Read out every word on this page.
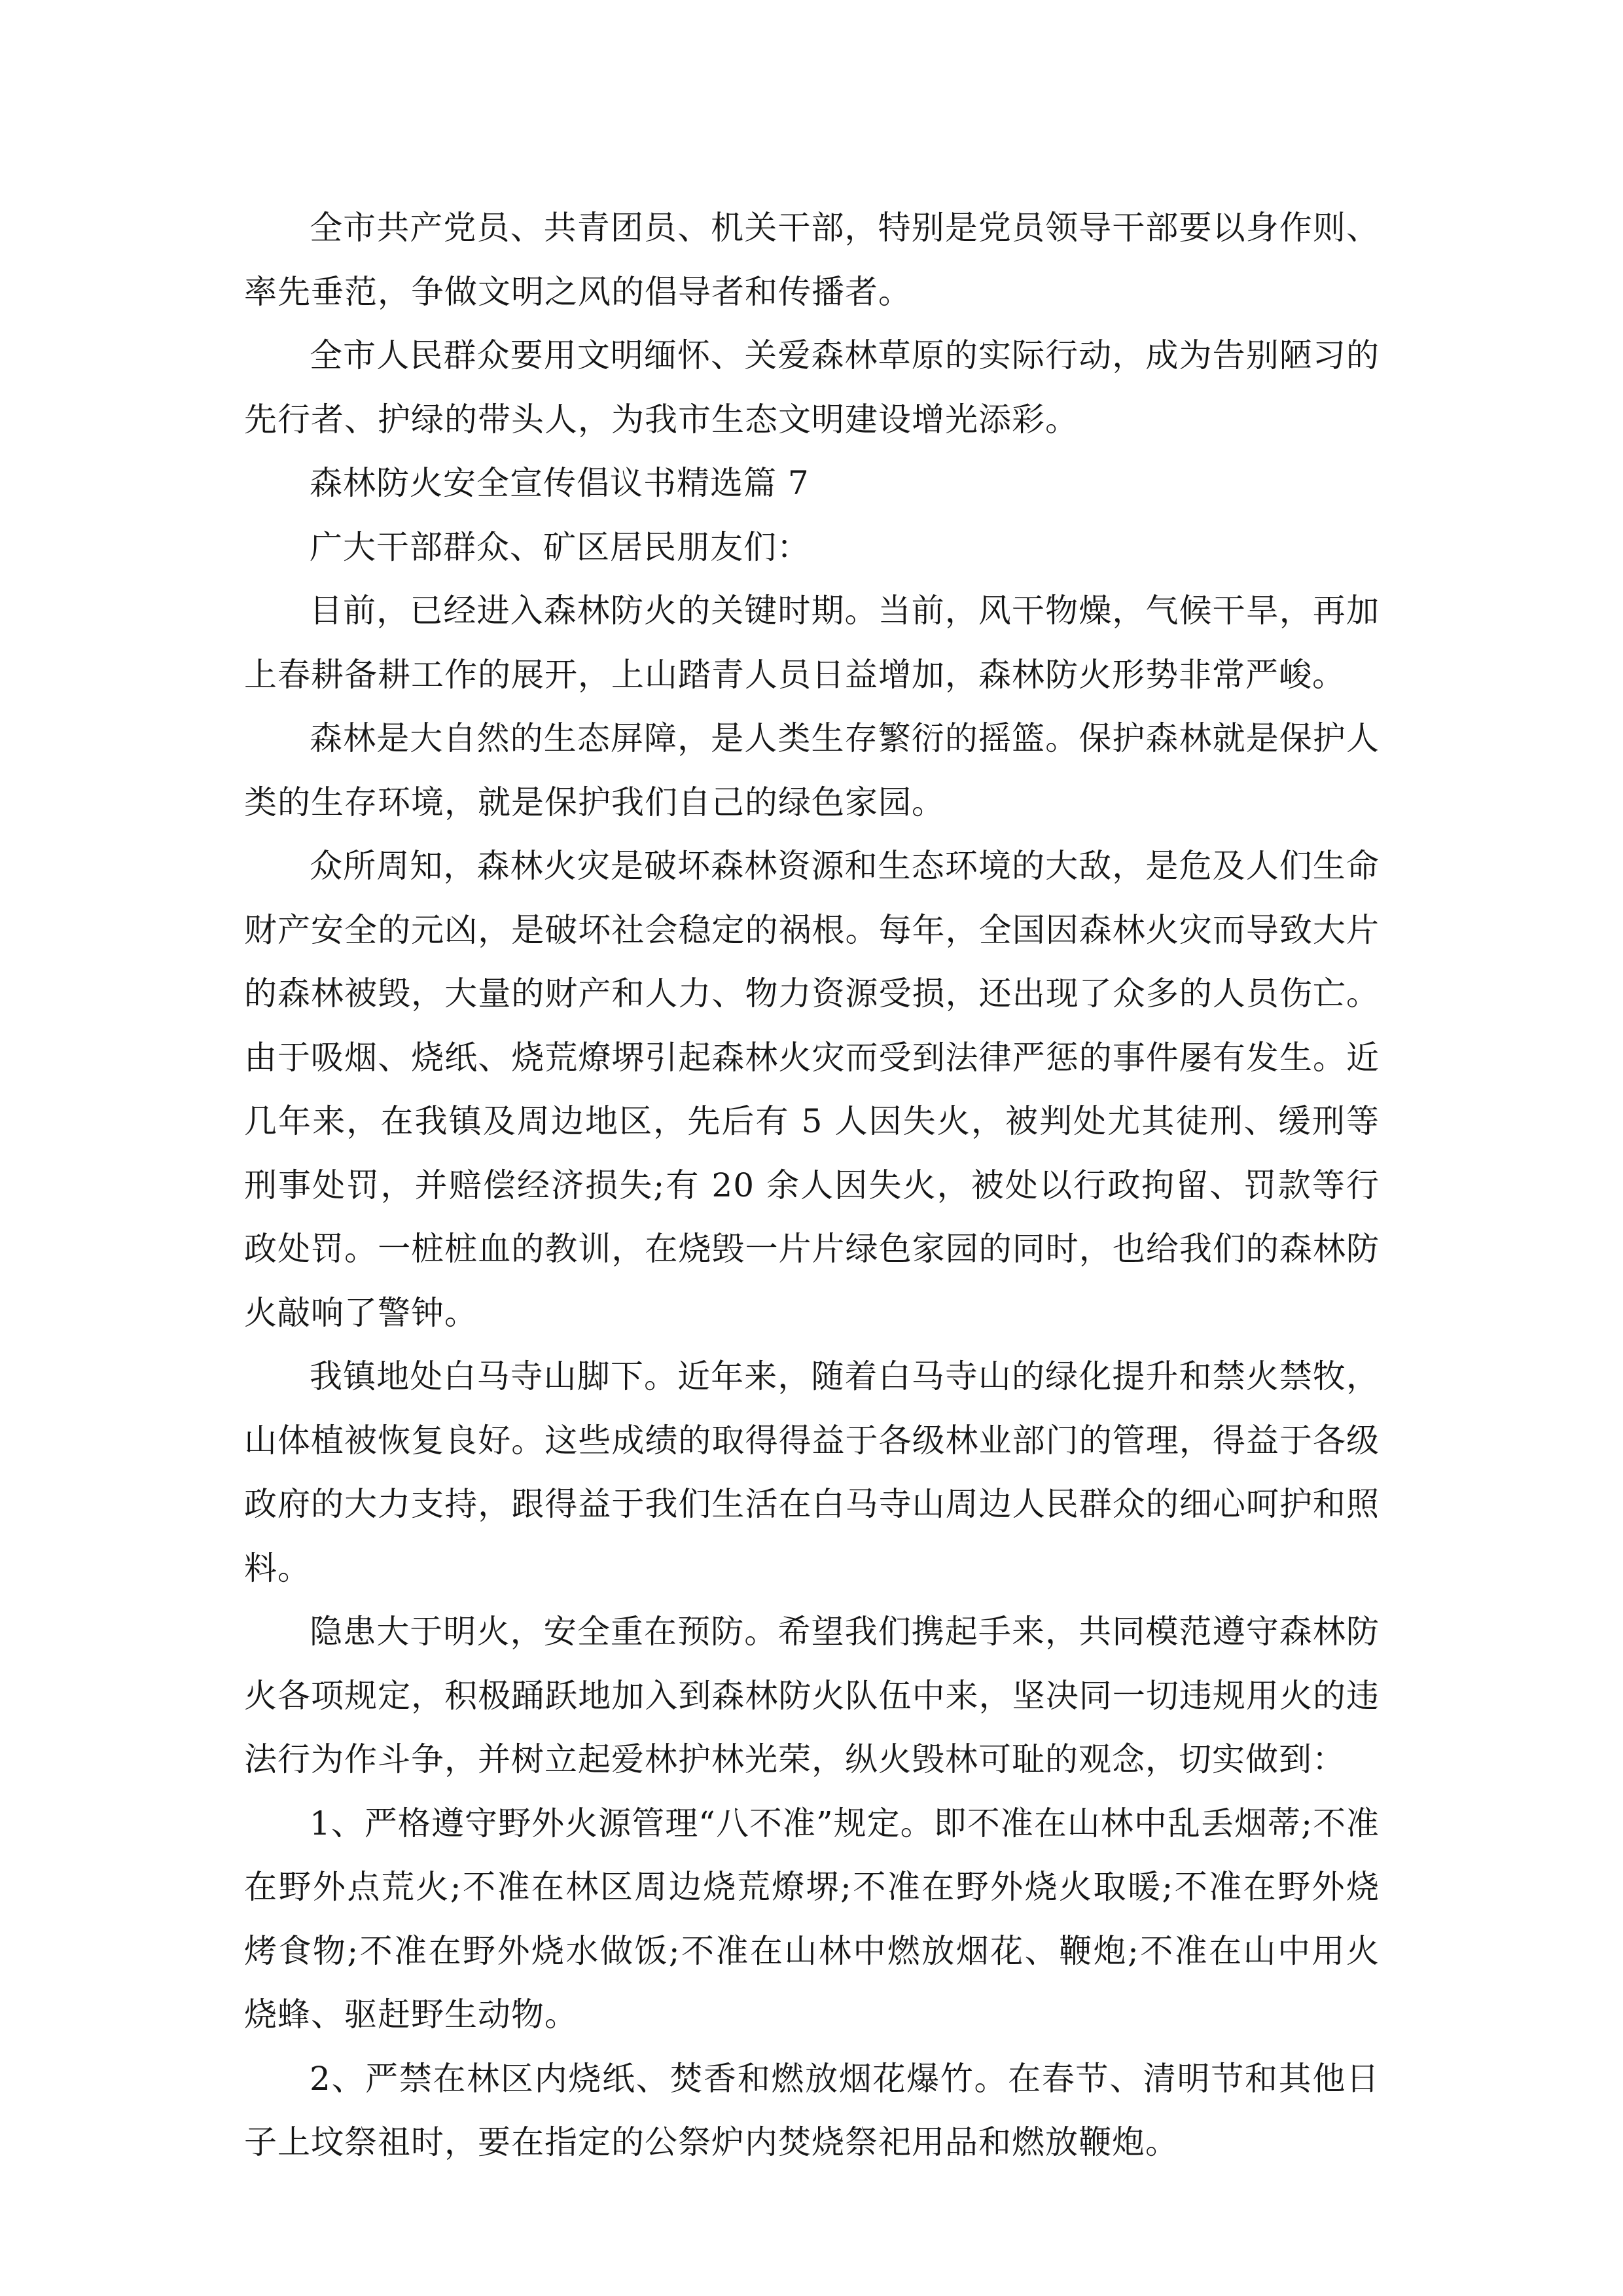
全市共产党员、共青团员、机关干部，特别是党员领导干部要以身作则、率先垂范，争做文明之风的倡导者和传播者。

全市人民群众要用文明缅怀、关爱森林草原的实际行动，成为告别陋习的先行者、护绿的带头人，为我市生态文明建设增光添彩。

森林防火安全宣传倡议书精选篇 7

广大干部群众、矿区居民朋友们：

目前，已经进入森林防火的关键时期。当前，风干物燥，气候干旱，再加上春耕备耕工作的展开，上山踏青人员日益增加，森林防火形势非常严峻。

森林是大自然的生态屏障，是人类生存繁衍的摇篮。保护森林就是保护人类的生存环境，就是保护我们自己的绿色家园。

众所周知，森林火灾是破坏森林资源和生态环境的大敌，是危及人们生命财产安全的元凶，是破坏社会稳定的祸根。每年，全国因森林火灾而导致大片的森林被毁，大量的财产和人力、物力资源受损，还出现了众多的人员伤亡。由于吸烟、烧纸、烧荒燎堺引起森林火灾而受到法律严惩的事件屡有发生。近几年来，在我镇及周边地区，先后有 5 人因失火，被判处尤其徒刑、缓刑等刑事处罚，并赔偿经济损失;有 20 余人因失火，被处以行政拘留、罚款等行政处罚。一桩桩血的教训，在烧毁一片片绿色家园的同时，也给我们的森林防火敲响了警钟。

我镇地处白马寺山脚下。近年来，随着白马寺山的绿化提升和禁火禁牧，山体植被恢复良好。这些成绩的取得得益于各级林业部门的管理，得益于各级政府的大力支持，跟得益于我们生活在白马寺山周边人民群众的细心呵护和照料。

隐患大于明火，安全重在预防。希望我们携起手来，共同模范遵守森林防火各项规定，积极踊跃地加入到森林防火队伍中来，坚决同一切违规用火的违法行为作斗争，并树立起爱林护林光荣，纵火毁林可耻的观念，切实做到：

1、严格遵守野外火源管理“八不准”规定。即不准在山林中乱丢烟蒂;不准在野外点荒火;不准在林区周边烧荒燎堺;不准在野外烧火取暖;不准在野外烧烤食物;不准在野外烧水做饭;不准在山林中燃放烟花、鞭炮;不准在山中用火烧蜂、驱赶野生动物。

2、严禁在林区内烧纸、焚香和燃放烟花爆竹。在春节、清明节和其他日子上坟祭祖时，要在指定的公祭炉内焚烧祭祀用品和燃放鞭炮。
